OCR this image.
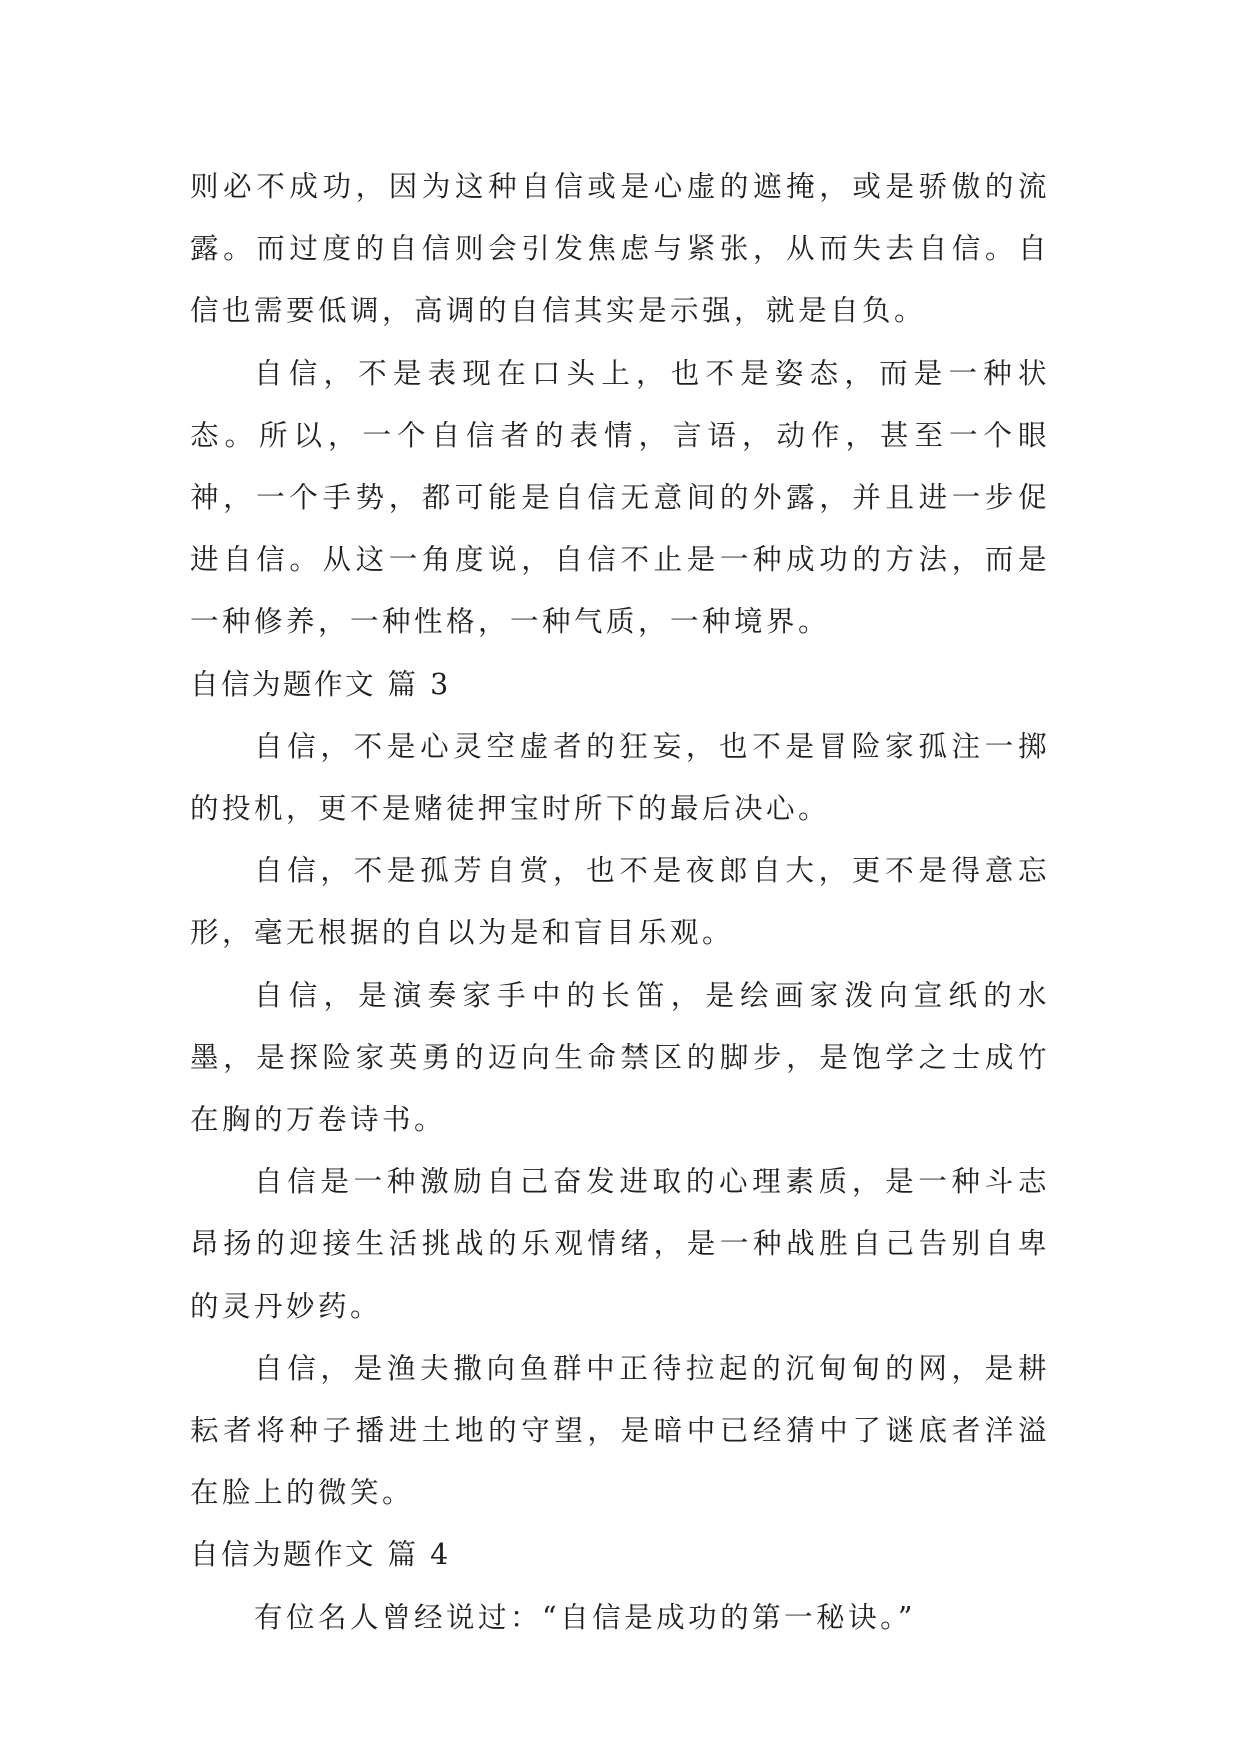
则必不成功，因为这种自信或是心虚的遮掩，或是骄傲的流露。而过度的自信则会引发焦虑与紧张，从而失去自信。自信也需要低调，高调的自信其实是示强，就是自负。

自信，不是表现在口头上，也不是姿态，而是一种状态。所以，一个自信者的表情，言语，动作，甚至一个眼神，一个手势，都可能是自信无意间的外露，并且进一步促进自信。从这一角度说，自信不止是一种成功的方法，而是一种修养，一种性格，一种气质，一种境界。

自信为题作文 篇 3

自信，不是心灵空虚者的狂妄，也不是冒险家孤注一掷的投机，更不是赌徒押宝时所下的最后决心。

自信，不是孤芳自赏，也不是夜郎自大，更不是得意忘形，毫无根据的自以为是和盲目乐观。

自信，是演奏家手中的长笛，是绘画家泼向宣纸的水墨，是探险家英勇的迈向生命禁区的脚步，是饱学之士成竹在胸的万卷诗书。

自信是一种激励自己奋发进取的心理素质，是一种斗志昂扬的迎接生活挑战的乐观情绪，是一种战胜自己告别自卑的灵丹妙药。

自信，是渔夫撒向鱼群中正待拉起的沉甸甸的网，是耕耘者将种子播进土地的守望，是暗中已经猜中了谜底者洋溢在脸上的微笑。

自信为题作文 篇 4

有位名人曾经说过：“自信是成功的第一秘诀。”
